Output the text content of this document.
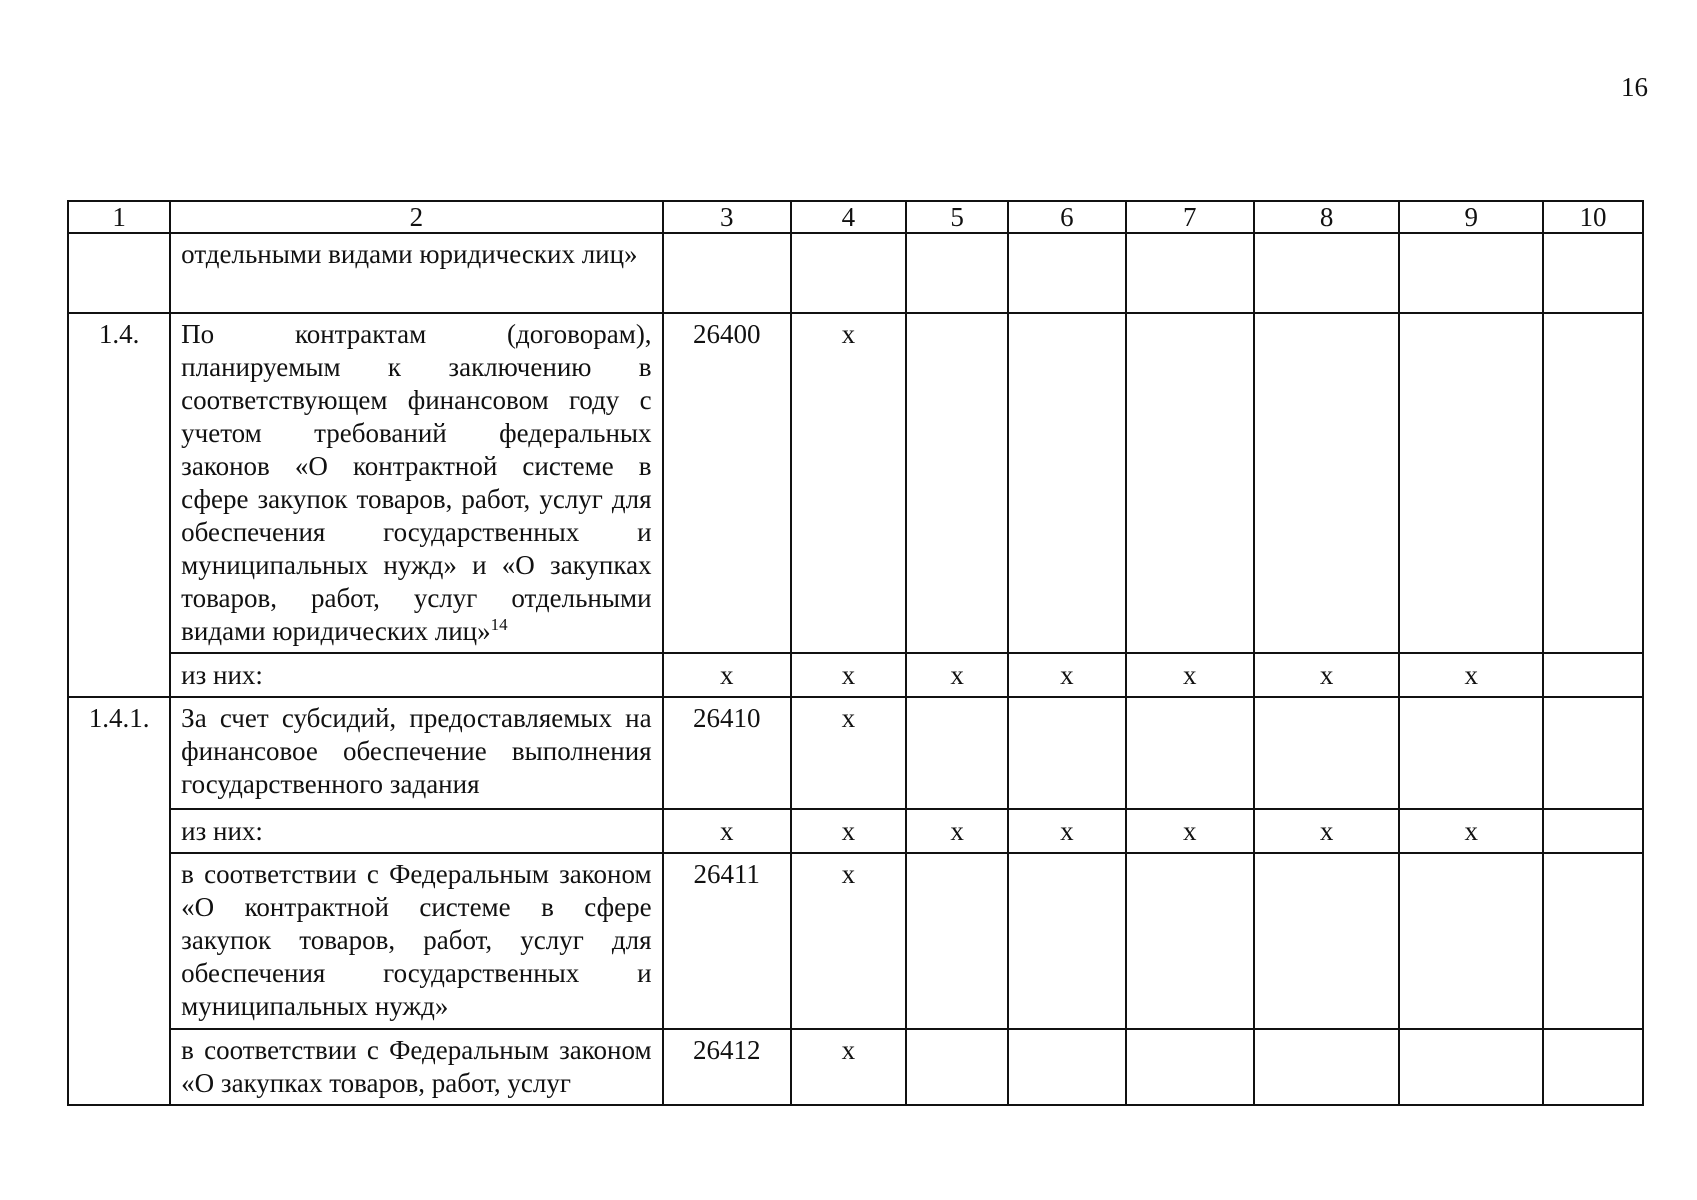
16
1	2	3	4	5	6	7	8	9	10
	отдельными видами юридических лиц»								
1.4.	По контрактам (договорам), планируемым к заключению в соответствующем финансовом году с учетом требований федеральных законов «О контрактной системе в сфере закупок товаров, работ, услуг для обеспечения государственных и муниципальных нужд» и «О закупках товаров, работ, услуг отдельными видами юридических лиц»$^{14}$	26400	х						
	из них:	х	х	х	х	х	х	х	
1.4.1.	За счет субсидий, предоставляемых на финансовое обеспечение выполнения государственного задания	26410	х						
	из них:	х	х	х	х	х	х	х	
	в соответствии с Федеральным законом «О контрактной системе в сфере закупок товаров, работ, услуг для обеспечения государственных и муниципальных нужд»	26411	х						
	в соответствии с Федеральным законом «О закупках товаров, работ, услуг	26412	х						
